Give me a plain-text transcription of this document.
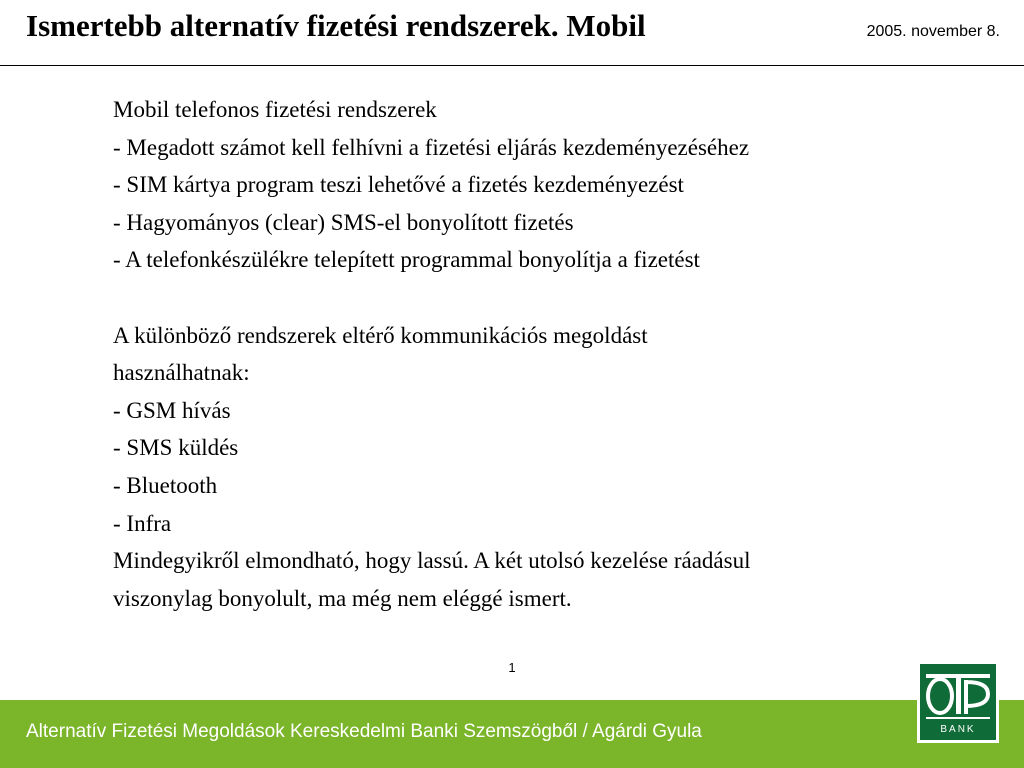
Ismertebb alternatív fizetési rendszerek. Mobil	2005. november 8.
Mobil telefonos fizetési rendszerek
- Megadott számot kell felhívni a fizetési eljárás kezdeményezéséhez
- SIM kártya program teszi lehetővé a fizetés kezdeményezést
- Hagyományos (clear) SMS-el bonyolított fizetés
- A telefonkészülékre telepített programmal bonyolítja a fizetést
A különböző rendszerek eltérő kommunikációs megoldást
használhatnak:
- GSM hívás
- SMS küldés
- Bluetooth
- Infra
Mindegyikről elmondható, hogy lassú. A két utolsó kezelése ráadásul
viszonylag bonyolult, ma még nem eléggé ismert.
1
Alternatív Fizetési Megoldások Kereskedelmi Banki Szemszögből / Agárdi Gyula	BANK
